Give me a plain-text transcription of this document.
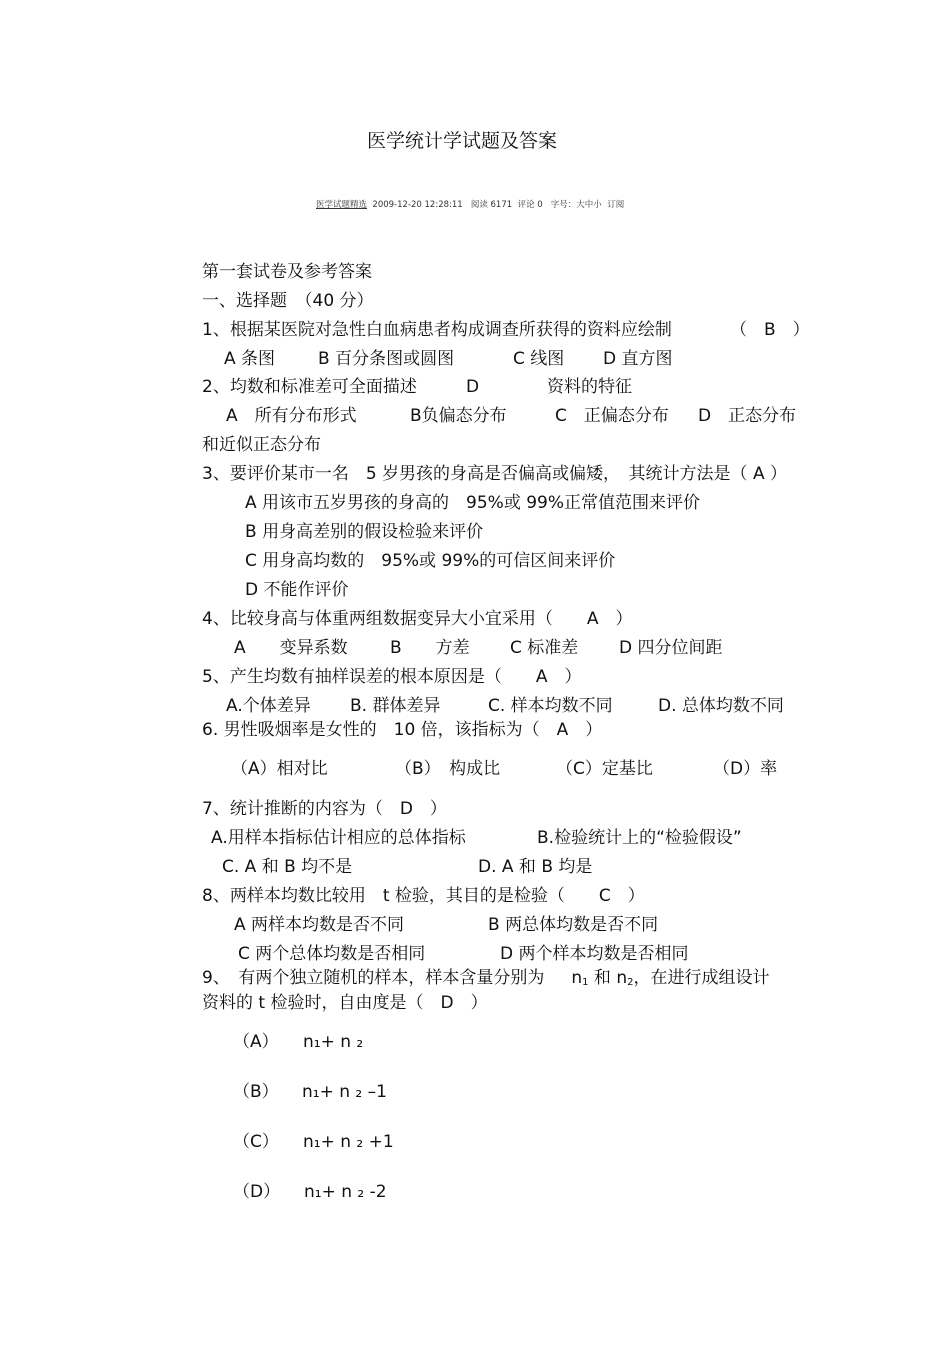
医学统计学试题及答案
医学试题精选 2009-12-20 12:28:11 阅读 6171 评论 0 字号：大中小 订阅
第一套试卷及参考答案
一、选择题　（40 分）
1、根据某医院对急性白血病患者构成调查所获得的资料应绘制	（　B　）
A 条图	B 百分条图或圆图	C 线图 D 直方图
2、均数和标准差可全面描述	D	资料的特征
A　所有分布形式	B负偏态分布	C　正偏态分布 D　正态分布
和近似正态分布
3、要评价某市一名　5 岁男孩的身高是否偏高或偏矮，　其统计方法是（ A ）
A 用该市五岁男孩的身高的　95%或 99%正常值范围来评价
B 用身高差别的假设检验来评价
C 用身高均数的　95%或 99%的可信区间来评价
D 不能作评价
4、比较身高与体重两组数据变异大小宜采用（　　A　）
A　　变异系数 B　　方差 C 标准差 D 四分位间距
5、产生均数有抽样误差的根本原因是（　　A　）
A.个体差异 B. 群体差异	C. 样本均数不同	D. 总体均数不同
6. 男性吸烟率是女性的　10 倍，该指标为（　A　）
（A）相对比	（B）　构成比	（C）定基比	（D）率
7、统计推断的内容为（　D　）
A.用样本指标估计相应的总体指标	B.检验统计上的“检验假设”
C. A 和 B 均不是	D. A 和 B 均是
8、两样本均数比较用　t 检验，其目的是检验（　　C　）
A 两样本均数是否不同	B 两总体均数是否不同
C 两个总体均数是否相同	D 两个样本均数是否相同
9、　有两个独立随机的样本，样本含量分别为 $n_1$ 和 $n_2$，在进行成组设计
资料的 t 检验时，自由度是（　D　）
（A） n₁+ n ₂
（B） n₁+ n ₂ –1
（C） n₁+ n ₂ +1
（D） n₁+ n ₂ -2
